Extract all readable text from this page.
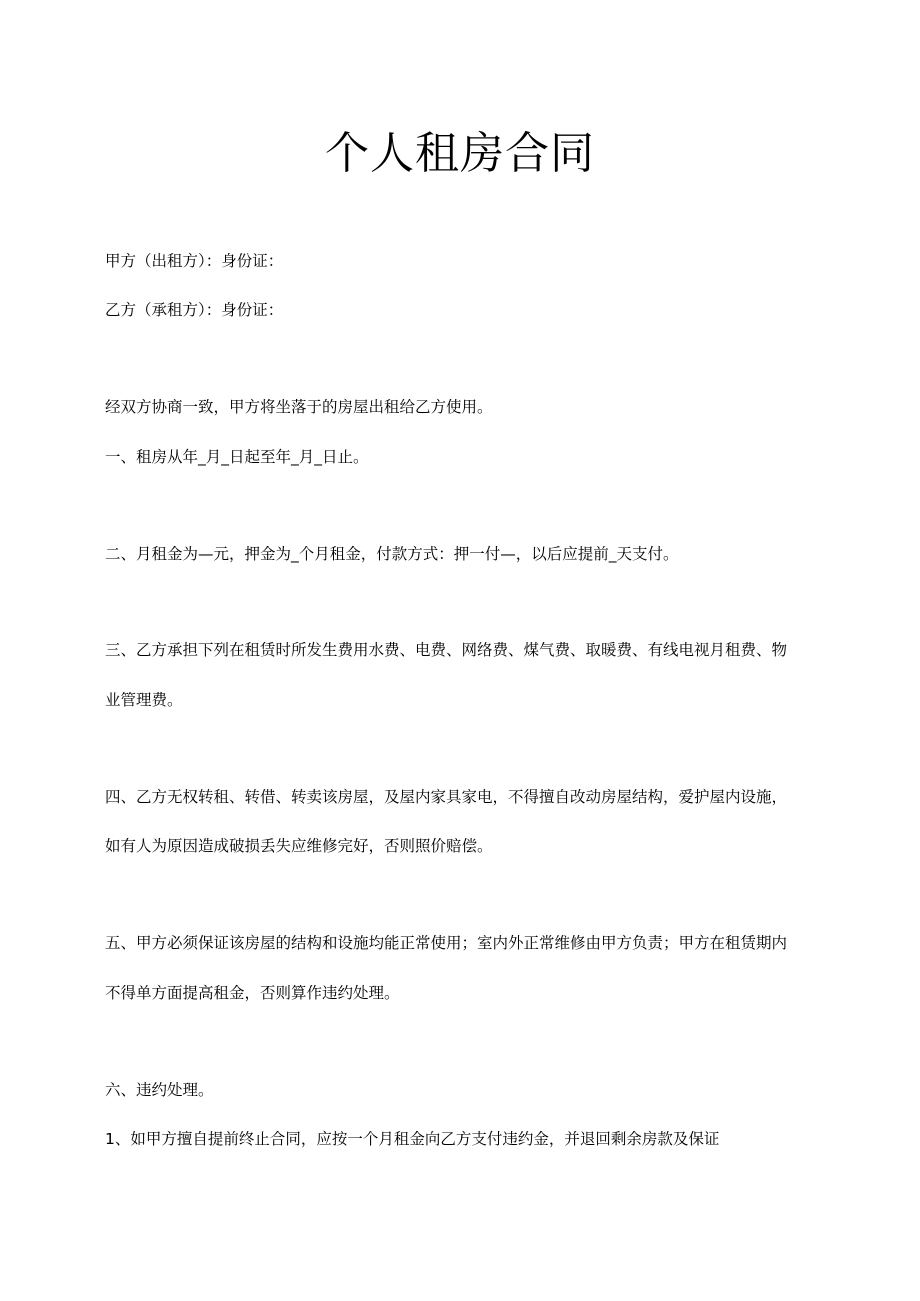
个人租房合同

甲方（出租方）：身份证：

乙方（承租方）：身份证：

经双方协商一致，甲方将坐落于的房屋出租给乙方使用。

一、租房从年_月_日起至年_月_日止。

二、月租金为—元，押金为_个月租金，付款方式：押一付—，以后应提前_天支付。

三、乙方承担下列在租赁时所发生费用水费、电费、网络费、煤气费、取暖费、有线电视月租费、物

业管理费。

四、乙方无权转租、转借、转卖该房屋，及屋内家具家电，不得擅自改动房屋结构，爱护屋内设施，

如有人为原因造成破损丢失应维修完好，否则照价赔偿。

五、甲方必须保证该房屋的结构和设施均能正常使用；室内外正常维修由甲方负责；甲方在租赁期内

不得单方面提高租金，否则算作违约处理。

六、违约处理。

1、如甲方擅自提前终止合同，应按一个月租金向乙方支付违约金，并退回剩余房款及保证
